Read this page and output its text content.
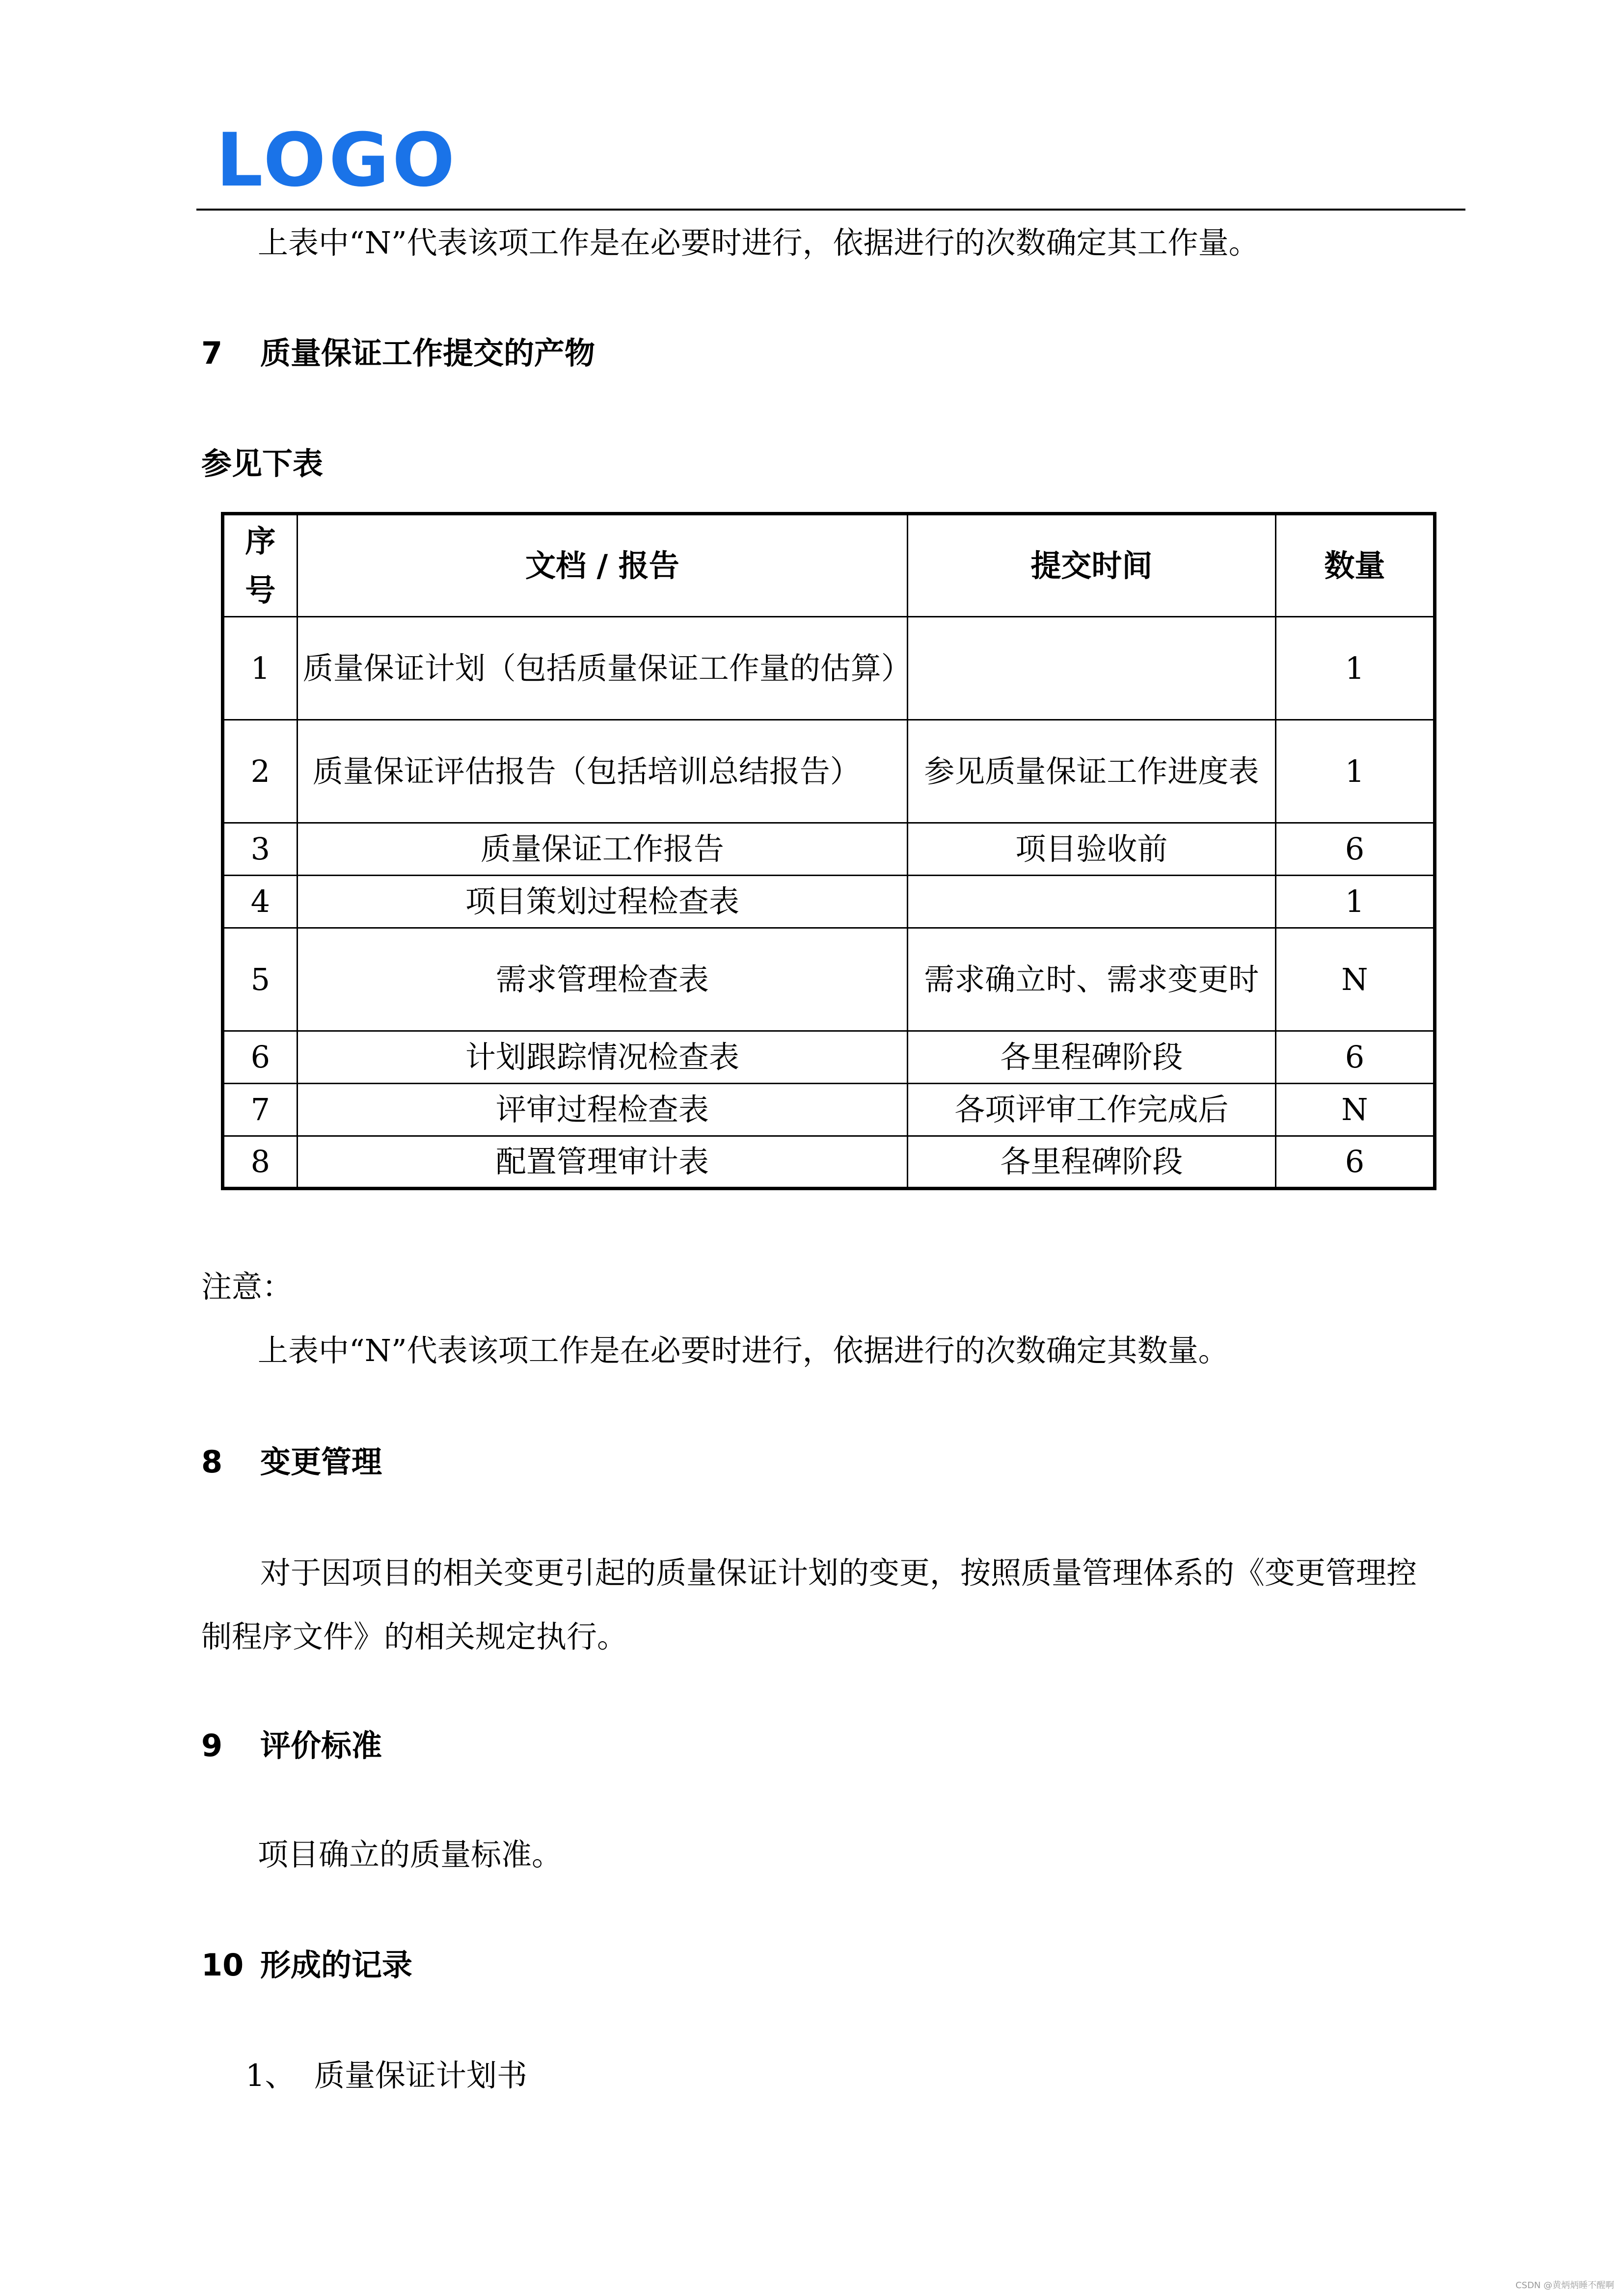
LOGO
上表中“N”代表该项工作是在必要时进行，依据进行的次数确定其工作量。
7 质量保证工作提交的产物
参见下表
序号	文档 / 报告	提交时间	数量
1	质量保证计划（包括质量保证工作量的估算）		1
2	质量保证评估报告（包括培训总结报告）	参见质量保证工作进度表	1
3	质量保证工作报告	项目验收前	6
4	项目策划过程检查表		1
5	需求管理检查表	需求确立时、需求变更时	N
6	计划跟踪情况检查表	各里程碑阶段	6
7	评审过程检查表	各项评审工作完成后	N
8	配置管理审计表	各里程碑阶段	6
注意：
上表中“N”代表该项工作是在必要时进行，依据进行的次数确定其数量。
8 变更管理
对于因项目的相关变更引起的质量保证计划的变更，按照质量管理体系的《变更管理控制程序文件》的相关规定执行。
9 评价标准
项目确立的质量标准。
10 形成的记录
1、 质量保证计划书
CSDN @黄炳炳睡不醒啊
